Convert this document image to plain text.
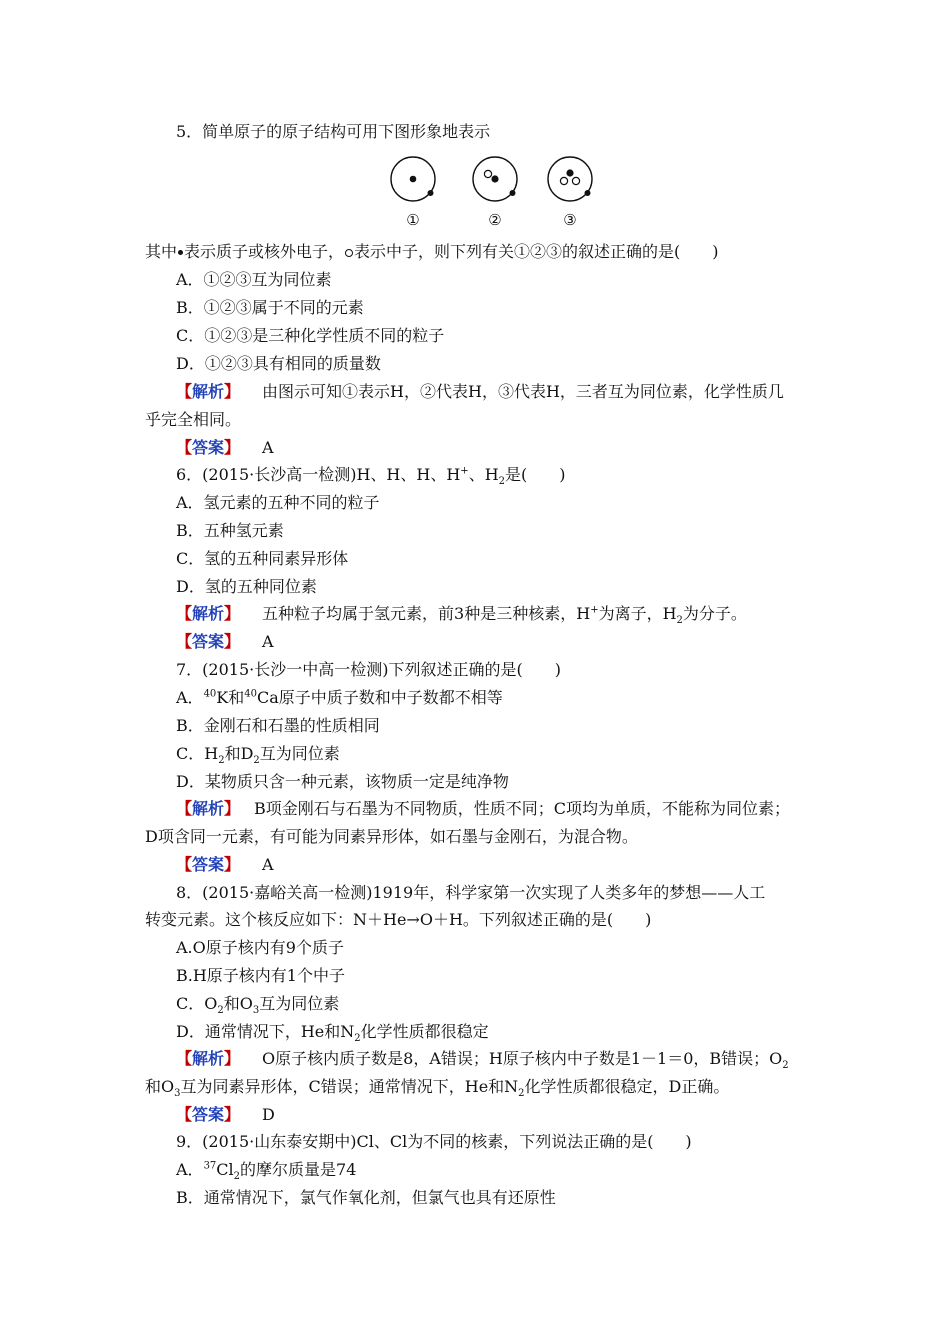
5．简单原子的原子结构可用下图形象地表示
①	②	③
其中 表示质子或核外电子， 表示中子，则下列有关①②③的叙述正确的是(　　)
A．①②③互为同位素
B．①②③属于不同的元素
C．①②③是三种化学性质不同的粒子
D．①②③具有相同的质量数
【解析】 由图示可知①表示H，②代表H，③代表H，三者互为同位素，化学性质几
乎完全相同。
【答案】 A
6．(2015·长沙高一检测)H、H、H、H+、$H_2$是(　　)
A．氢元素的五种不同的粒子
B．五种氢元素
C．氢的五种同素异形体
D．氢的五种同位素
【解析】 五种粒子均属于氢元素，前3种是三种核素，H+为离子，$H_2$为分子。
【答案】 A
7．(2015·长沙一中高一检测)下列叙述正确的是(　　)
A．$^{40}$K和$^{40}$Ca原子中质子数和中子数都不相等
B．金刚石和石墨的性质相同
C．$H_2$和$D_2$互为同位素
D．某物质只含一种元素，该物质一定是纯净物
【解析】 B项金刚石与石墨为不同物质，性质不同；C项均为单质，不能称为同位素；
D项含同一元素，有可能为同素异形体，如石墨与金刚石，为混合物。
【答案】 A
8．(2015·嘉峪关高一检测)1919年，科学家第一次实现了人类多年的梦想——人工
转变元素。这个核反应如下：N＋He→O＋H。下列叙述正确的是(　　)
A.O原子核内有9个质子
B.H原子核内有1个中子
C．$O_2$和$O_3$互为同位素
D．通常情况下，He和$N_2$化学性质都很稳定
【解析】 O原子核内质子数是8，A错误；H原子核内中子数是1－1＝0，B错误；$O_2$
和$O_3$互为同素异形体，C错误；通常情况下，He和$N_2$化学性质都很稳定，D正确。
【答案】 D
9．(2015·山东泰安期中)Cl、Cl为不同的核素，下列说法正确的是(　　)
A．$^{37}Cl_2$的摩尔质量是74
B．通常情况下，氯气作氧化剂，但氯气也具有还原性
